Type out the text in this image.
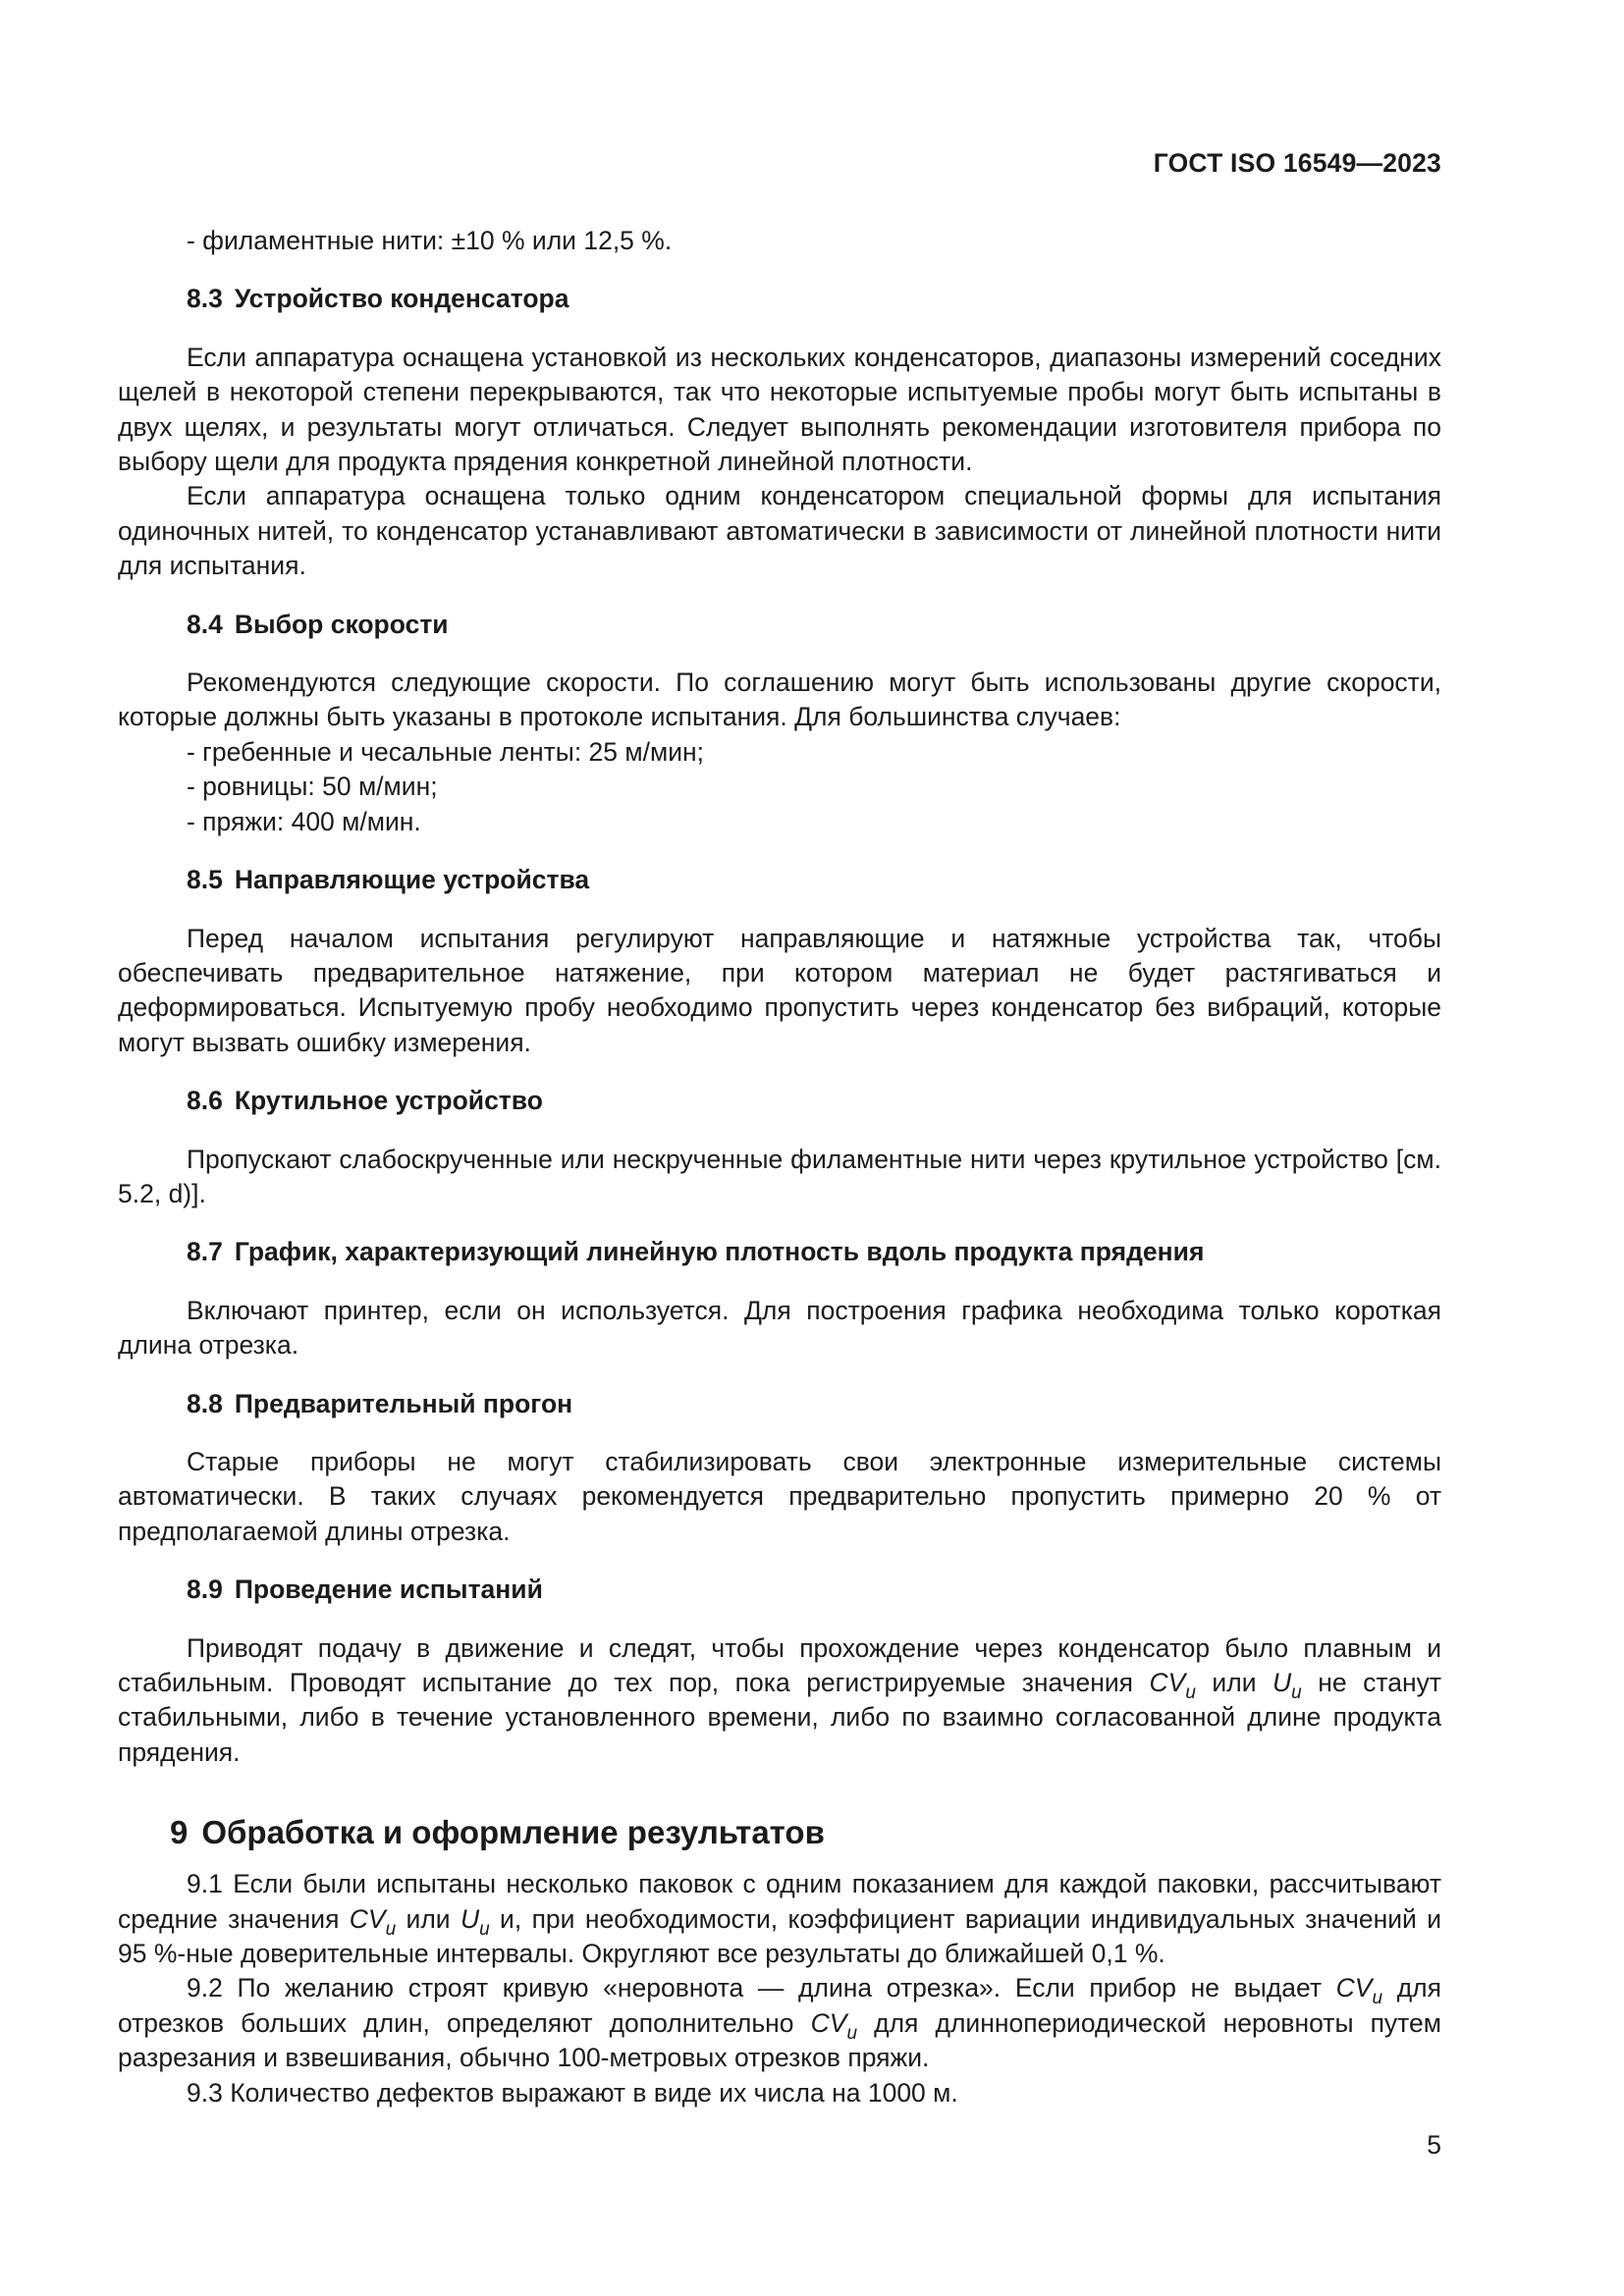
ГОСТ ISO 16549—2023

- филаментные нити: ±10 % или 12,5 %.

8.3 Устройство конденсатора

Если аппаратура оснащена установкой из нескольких конденсаторов, диапазоны измерений соседних щелей в некоторой степени перекрываются, так что некоторые испытуемые пробы могут быть испытаны в двух щелях, и результаты могут отличаться. Следует выполнять рекомендации изготовителя прибора по выбору щели для продукта прядения конкретной линейной плотности.

Если аппаратура оснащена только одним конденсатором специальной формы для испытания одиночных нитей, то конденсатор устанавливают автоматически в зависимости от линейной плотности нити для испытания.

8.4 Выбор скорости

Рекомендуются следующие скорости. По соглашению могут быть использованы другие скорости, которые должны быть указаны в протоколе испытания. Для большинства случаев:

- гребенные и чесальные ленты: 25 м/мин;

- ровницы: 50 м/мин;

- пряжи: 400 м/мин.

8.5 Направляющие устройства

Перед началом испытания регулируют направляющие и натяжные устройства так, чтобы обеспечивать предварительное натяжение, при котором материал не будет растягиваться и деформироваться. Испытуемую пробу необходимо пропустить через конденсатор без вибраций, которые могут вызвать ошибку измерения.

8.6 Крутильное устройство

Пропускают слабоскрученные или нескрученные филаментные нити через крутильное устройство [см. 5.2, d)].

8.7 График, характеризующий линейную плотность вдоль продукта прядения

Включают принтер, если он используется. Для построения графика необходима только короткая длина отрезка.

8.8 Предварительный прогон

Старые приборы не могут стабилизировать свои электронные измерительные системы автоматически. В таких случаях рекомендуется предварительно пропустить примерно 20 % от предполагаемой длины отрезка.

8.9 Проведение испытаний

Приводят подачу в движение и следят, чтобы прохождение через конденсатор было плавным и стабильным. Проводят испытание до тех пор, пока регистрируемые значения $CV_u$ или $U_u$ не станут стабильными, либо в течение установленного времени, либо по взаимно согласованной длине продукта прядения.

9 Обработка и оформление результатов

9.1 Если были испытаны несколько паковок с одним показанием для каждой паковки, рассчитывают средние значения $CV_u$ или $U_u$ и, при необходимости, коэффициент вариации индивидуальных значений и 95 %-ные доверительные интервалы. Округляют все результаты до ближайшей 0,1 %.

9.2 По желанию строят кривую «неровнота — длина отрезка». Если прибор не выдает $CV_u$ для отрезков больших длин, определяют дополнительно $CV_u$ для длиннопериодической неровноты путем разрезания и взвешивания, обычно 100-метровых отрезков пряжи.

9.3 Количество дефектов выражают в виде их числа на 1000 м.

5
